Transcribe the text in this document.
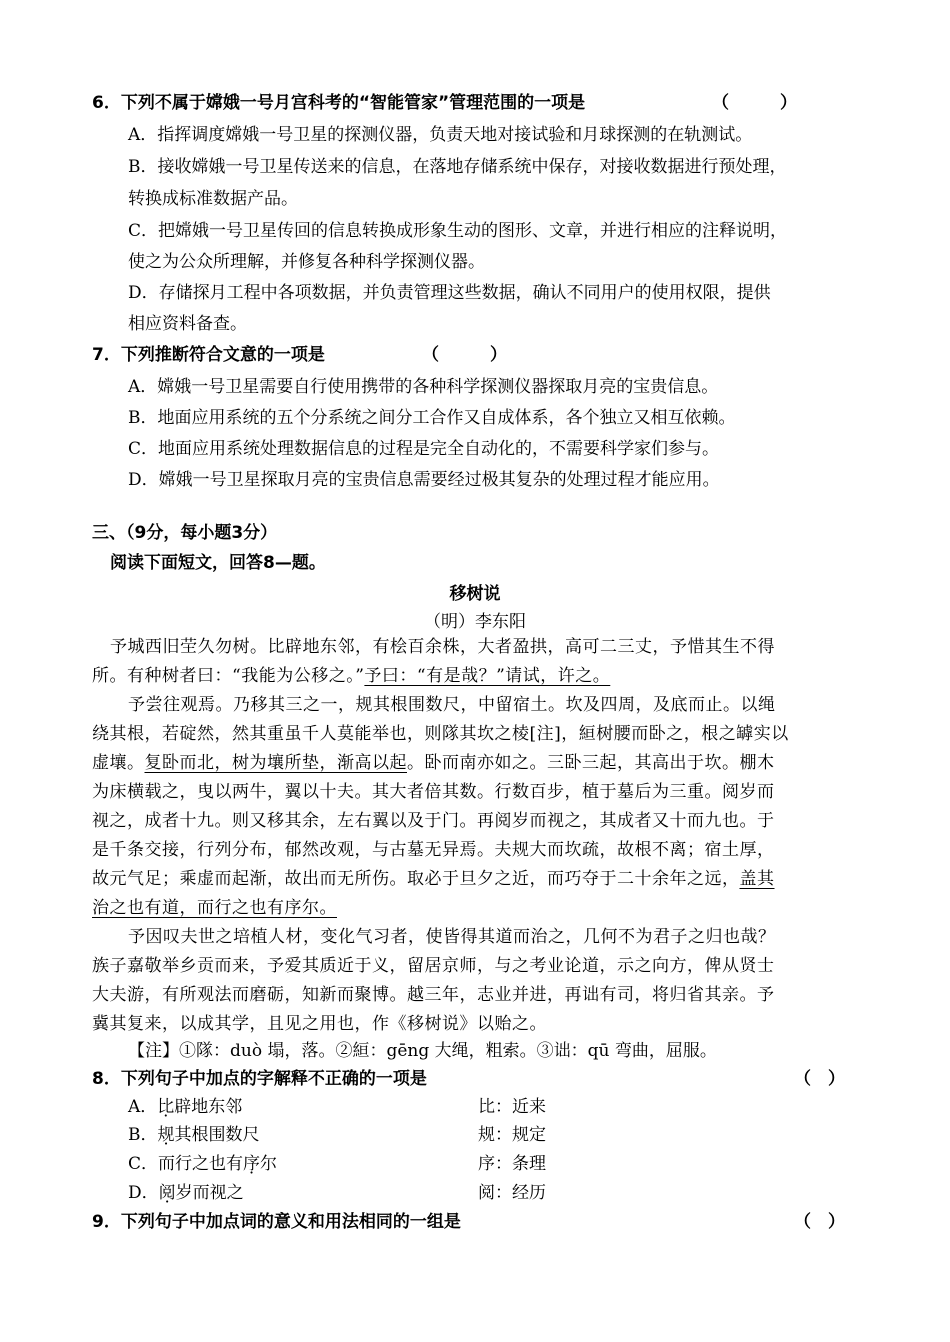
6．下列不属于嫦娥一号月宫科考的“智能管家”管理范围的一项是	（　　　）
A．指挥调度嫦娥一号卫星的探测仪器，负责天地对接试验和月球探测的在轨测试。
B．接收嫦娥一号卫星传送来的信息，在落地存储系统中保存，对接收数据进行预处理，
转换成标准数据产品。
C．把嫦娥一号卫星传回的信息转换成形象生动的图形、文章，并进行相应的注释说明，
使之为公众所理解，并修复各种科学探测仪器。
D．存储探月工程中各项数据，并负责管理这些数据，确认不同用户的使用权限，提供
相应资料备查。
7．下列推断符合文意的一项是	（　　　）
A．嫦娥一号卫星需要自行使用携带的各种科学探测仪器探取月亮的宝贵信息。
B．地面应用系统的五个分系统之间分工合作又自成体系，各个独立又相互依赖。
C．地面应用系统处理数据信息的过程是完全自动化的，不需要科学家们参与。
D．嫦娥一号卫星探取月亮的宝贵信息需要经过极其复杂的处理过程才能应用。
三、（9分，每小题3分）
阅读下面短文，回答8—题。
移树说
（明）李东阳
予城西旧茔久勿树。比辟地东邻，有桧百余株，大者盈拱，高可二三丈，予惜其生不得
所。有种树者曰：“我能为公移之。”予曰：“有是哉？”请试，许之。
予尝往观焉。乃移其三之一，规其根围数尺，中留宿土。坎及四周，及底而止。以绳
绕其根，若碇然，然其重虽千人莫能举也，则隊其坎之棱[注]，絙树腰而卧之，根之罅实以
虚壤。复卧而北，树为壤所垫，渐高以起。卧而南亦如之。三卧三起，其高出于坎。棚木
为床横载之，曳以两牛，翼以十夫。其大者倍其数。行数百步，植于墓后为三重。阅岁而
视之，成者十九。则又移其余，左右翼以及于门。再阅岁而视之，其成者又十而九也。于
是千条交接，行列分布，郁然改观，与古墓无异焉。夫规大而坎疏，故根不离；宿土厚，
故元气足；乘虚而起渐，故出而无所伤。取必于旦夕之近，而巧夺于二十余年之远，盖其
治之也有道，而行之也有序尔。
予因叹夫世之培植人材，变化气习者，使皆得其道而治之，几何不为君子之归也哉？
族子嘉敬举乡贡而来，予爱其质近于义，留居京师，与之考业论道，示之向方，俾从贤士
大夫游，有所观法而磨砺，知新而聚博。越三年，志业并进，再诎有司，将归省其亲。予
冀其复来，以成其学，且见之用也，作《移树说》以贻之。
【注】①隊：duò 塌，落。②絙：gēng 大绳，粗索。③诎：qū 弯曲，屈服。
8．下列句子中加点的字解释不正确的一项是	（　）
A．比辟地东邻	比：近来
B．规其根围数尺	规：规定
C．而行之也有序尔	序：条理
D．阅岁而视之	阅：经历
9．下列句子中加点词的意义和用法相同的一组是	（　）
